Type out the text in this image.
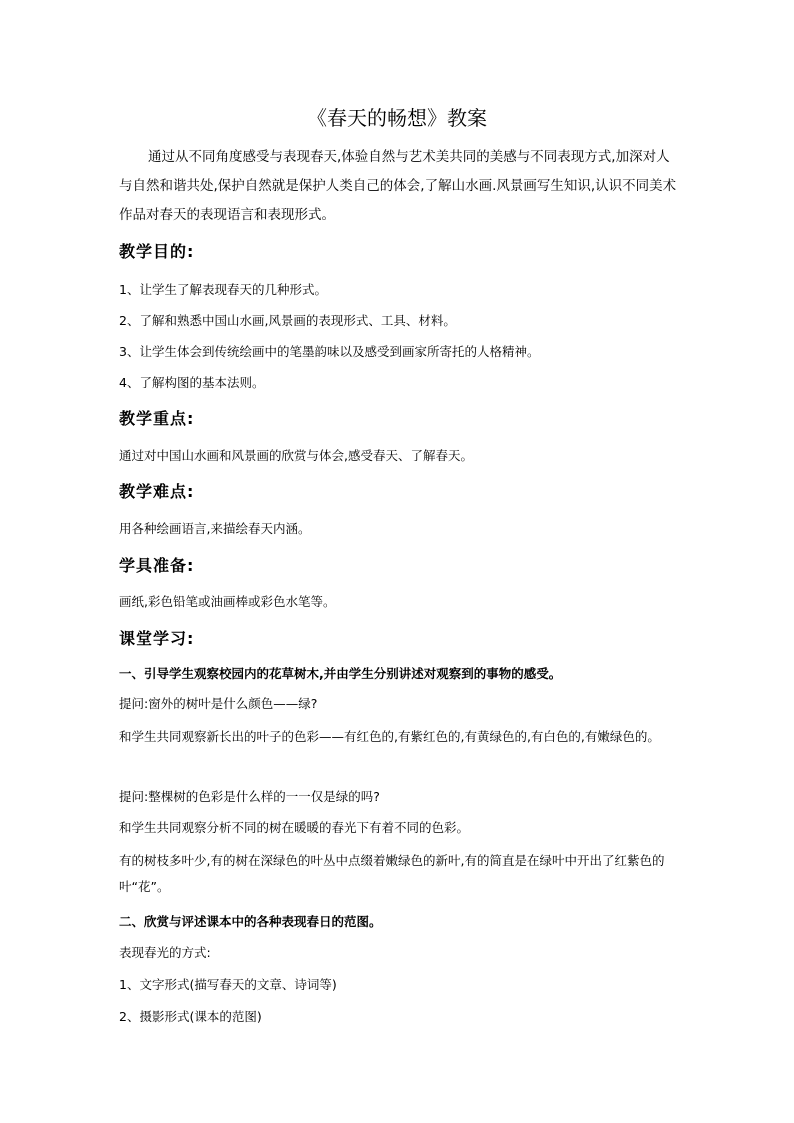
《春天的畅想》教案

通过从不同角度感受与表现春天,体验自然与艺术美共同的美感与不同表现方式,加深对人与自然和谐共处,保护自然就是保护人类自己的体会,了解山水画.风景画写生知识,认识不同美术作品对春天的表现语言和表现形式。

教学目的:
1、让学生了解表现春天的几种形式。
2、了解和熟悉中国山水画,风景画的表现形式、工具、材料。
3、让学生体会到传统绘画中的笔墨韵味以及感受到画家所寄托的人格精神。
4、了解构图的基本法则。
教学重点:
通过对中国山水画和风景画的欣赏与体会,感受春天、了解春天。
教学难点:
用各种绘画语言,来描绘春天内涵。
学具准备:
画纸,彩色铅笔或油画棒或彩色水笔等。
课堂学习:
一、引导学生观察校园内的花草树木,并由学生分别讲述对观察到的事物的感受。
提问:窗外的树叶是什么颜色——绿?
和学生共同观察新长出的叶子的色彩——有红色的,有紫红色的,有黄绿色的,有白色的,有嫩绿色的。
提问:整棵树的色彩是什么样的一一仅是绿的吗?
和学生共同观察分析不同的树在暖暖的春光下有着不同的色彩。
有的树枝多叶少,有的树在深绿色的叶丛中点缀着嫩绿色的新叶,有的简直是在绿叶中开出了红紫色的叶“花”。
二、欣赏与评述课本中的各种表现春日的范图。
表现春光的方式:
1、文字形式(描写春天的文章、诗词等)
2、摄影形式(课本的范图)
